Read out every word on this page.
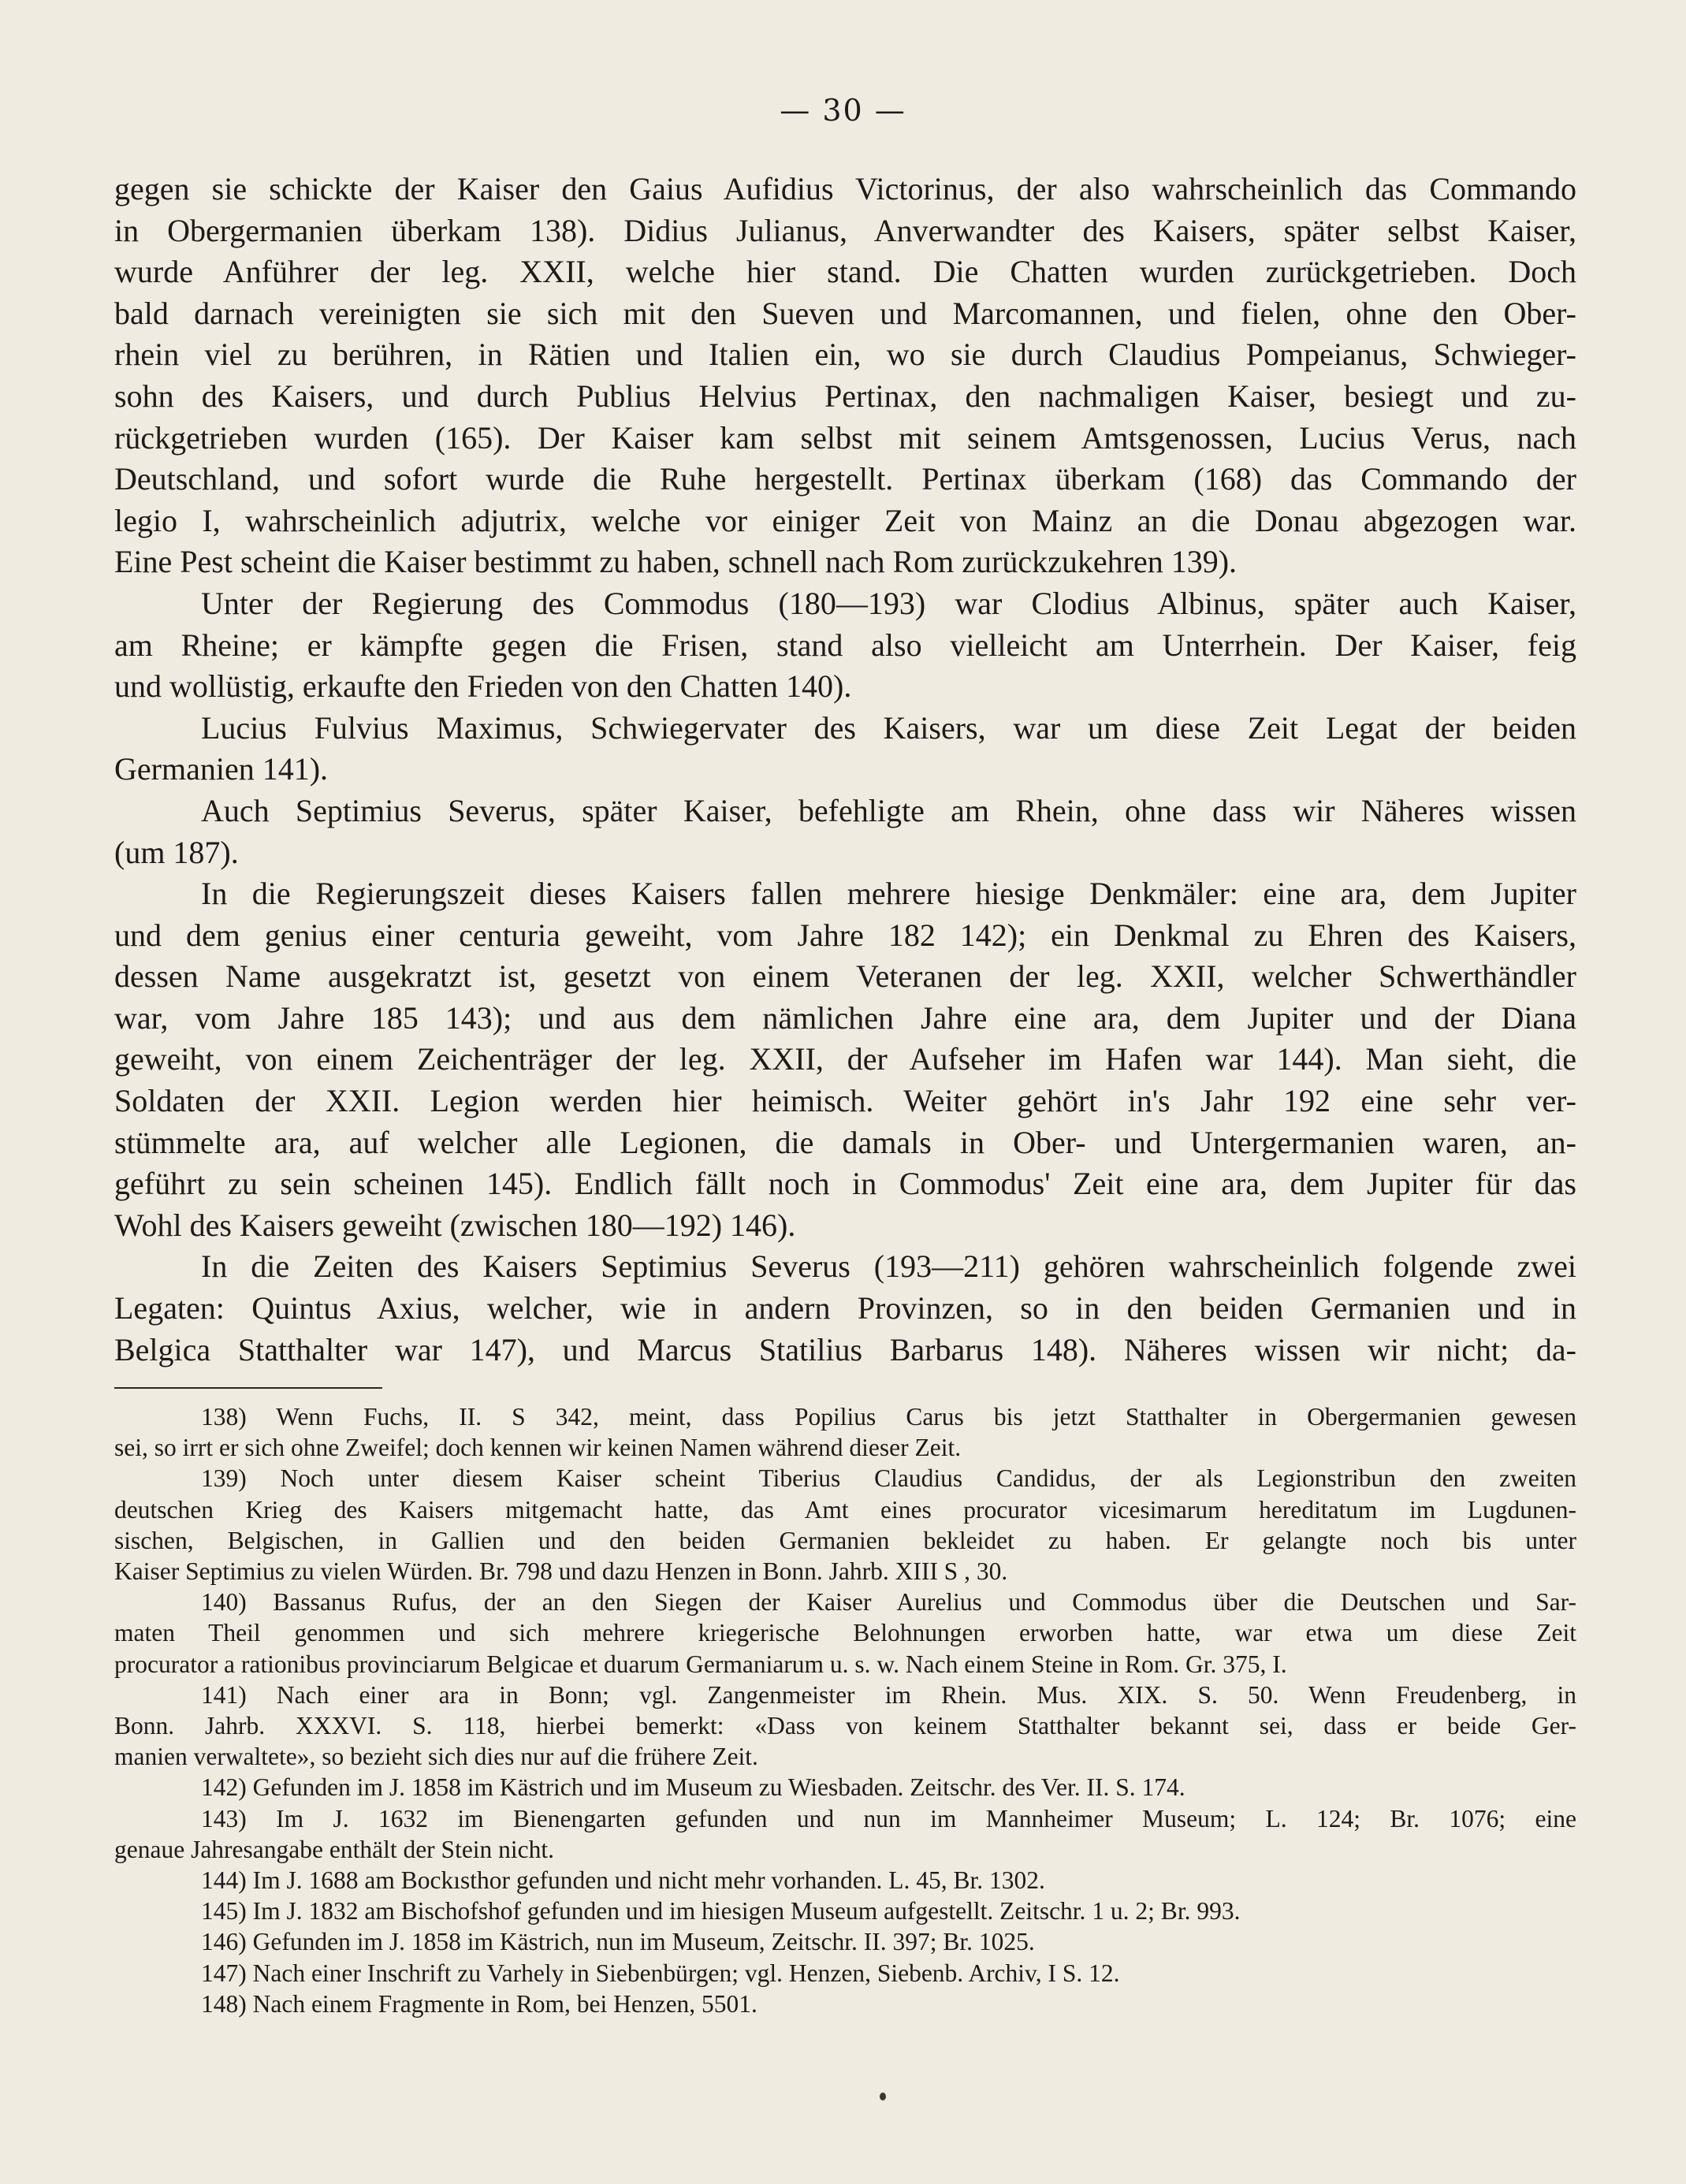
— 30 —
gegen sie schickte der Kaiser den Gaius Aufidius Victorinus, der also wahrscheinlich das Commando
in Obergermanien überkam 138). Didius Julianus, Anverwandter des Kaisers, später selbst Kaiser,
wurde Anführer der leg. XXII, welche hier stand. Die Chatten wurden zurückgetrieben. Doch
bald darnach vereinigten sie sich mit den Sueven und Marcomannen, und fielen, ohne den Ober-
rhein viel zu berühren, in Rätien und Italien ein, wo sie durch Claudius Pompeianus, Schwieger-
sohn des Kaisers, und durch Publius Helvius Pertinax, den nachmaligen Kaiser, besiegt und zu-
rückgetrieben wurden (165). Der Kaiser kam selbst mit seinem Amtsgenossen, Lucius Verus, nach
Deutschland, und sofort wurde die Ruhe hergestellt. Pertinax überkam (168) das Commando der
legio I, wahrscheinlich adjutrix, welche vor einiger Zeit von Mainz an die Donau abgezogen war.
Eine Pest scheint die Kaiser bestimmt zu haben, schnell nach Rom zurückzukehren 139).
Unter der Regierung des Commodus (180—193) war Clodius Albinus, später auch Kaiser,
am Rheine; er kämpfte gegen die Frisen, stand also vielleicht am Unterrhein. Der Kaiser, feig
und wollüstig, erkaufte den Frieden von den Chatten 140).
Lucius Fulvius Maximus, Schwiegervater des Kaisers, war um diese Zeit Legat der beiden
Germanien 141).
Auch Septimius Severus, später Kaiser, befehligte am Rhein, ohne dass wir Näheres wissen
(um 187).
In die Regierungszeit dieses Kaisers fallen mehrere hiesige Denkmäler: eine ara, dem Jupiter
und dem genius einer centuria geweiht, vom Jahre 182 142); ein Denkmal zu Ehren des Kaisers,
dessen Name ausgekratzt ist, gesetzt von einem Veteranen der leg. XXII, welcher Schwerthändler
war, vom Jahre 185 143); und aus dem nämlichen Jahre eine ara, dem Jupiter und der Diana
geweiht, von einem Zeichenträger der leg. XXII, der Aufseher im Hafen war 144). Man sieht, die
Soldaten der XXII. Legion werden hier heimisch. Weiter gehört in's Jahr 192 eine sehr ver-
stümmelte ara, auf welcher alle Legionen, die damals in Ober- und Untergermanien waren, an-
geführt zu sein scheinen 145). Endlich fällt noch in Commodus' Zeit eine ara, dem Jupiter für das
Wohl des Kaisers geweiht (zwischen 180—192) 146).
In die Zeiten des Kaisers Septimius Severus (193—211) gehören wahrscheinlich folgende zwei
Legaten: Quintus Axius, welcher, wie in andern Provinzen, so in den beiden Germanien und in
Belgica Statthalter war 147), und Marcus Statilius Barbarus 148). Näheres wissen wir nicht; da-
138) Wenn Fuchs, II. S 342, meint, dass Popilius Carus bis jetzt Statthalter in Obergermanien gewesen
sei, so irrt er sich ohne Zweifel; doch kennen wir keinen Namen während dieser Zeit.
139) Noch unter diesem Kaiser scheint Tiberius Claudius Candidus, der als Legionstribun den zweiten
deutschen Krieg des Kaisers mitgemacht hatte, das Amt eines procurator vicesimarum hereditatum im Lugdunen-
sischen, Belgischen, in Gallien und den beiden Germanien bekleidet zu haben. Er gelangte noch bis unter
Kaiser Septimius zu vielen Würden. Br. 798 und dazu Henzen in Bonn. Jahrb. XIII S , 30.
140) Bassanus Rufus, der an den Siegen der Kaiser Aurelius und Commodus über die Deutschen und Sar-
maten Theil genommen und sich mehrere kriegerische Belohnungen erworben hatte, war etwa um diese Zeit
procurator a rationibus provinciarum Belgicae et duarum Germaniarum u. s. w. Nach einem Steine in Rom. Gr. 375, I.
141) Nach einer ara in Bonn; vgl. Zangenmeister im Rhein. Mus. XIX. S. 50. Wenn Freudenberg, in
Bonn. Jahrb. XXXVI. S. 118, hierbei bemerkt: «Dass von keinem Statthalter bekannt sei, dass er beide Ger-
manien verwaltete», so bezieht sich dies nur auf die frühere Zeit.
142) Gefunden im J. 1858 im Kästrich und im Museum zu Wiesbaden. Zeitschr. des Ver. II. S. 174.
143) Im J. 1632 im Bienengarten gefunden und nun im Mannheimer Museum; L. 124; Br. 1076; eine
genaue Jahresangabe enthält der Stein nicht.
144) Im J. 1688 am Bockısthor gefunden und nicht mehr vorhanden. L. 45, Br. 1302.
145) Im J. 1832 am Bischofshof gefunden und im hiesigen Museum aufgestellt. Zeitschr. 1 u. 2; Br. 993.
146) Gefunden im J. 1858 im Kästrich, nun im Museum, Zeitschr. II. 397; Br. 1025.
147) Nach einer Inschrift zu Varhely in Siebenbürgen; vgl. Henzen, Siebenb. Archiv, I S. 12.
148) Nach einem Fragmente in Rom, bei Henzen, 5501.
